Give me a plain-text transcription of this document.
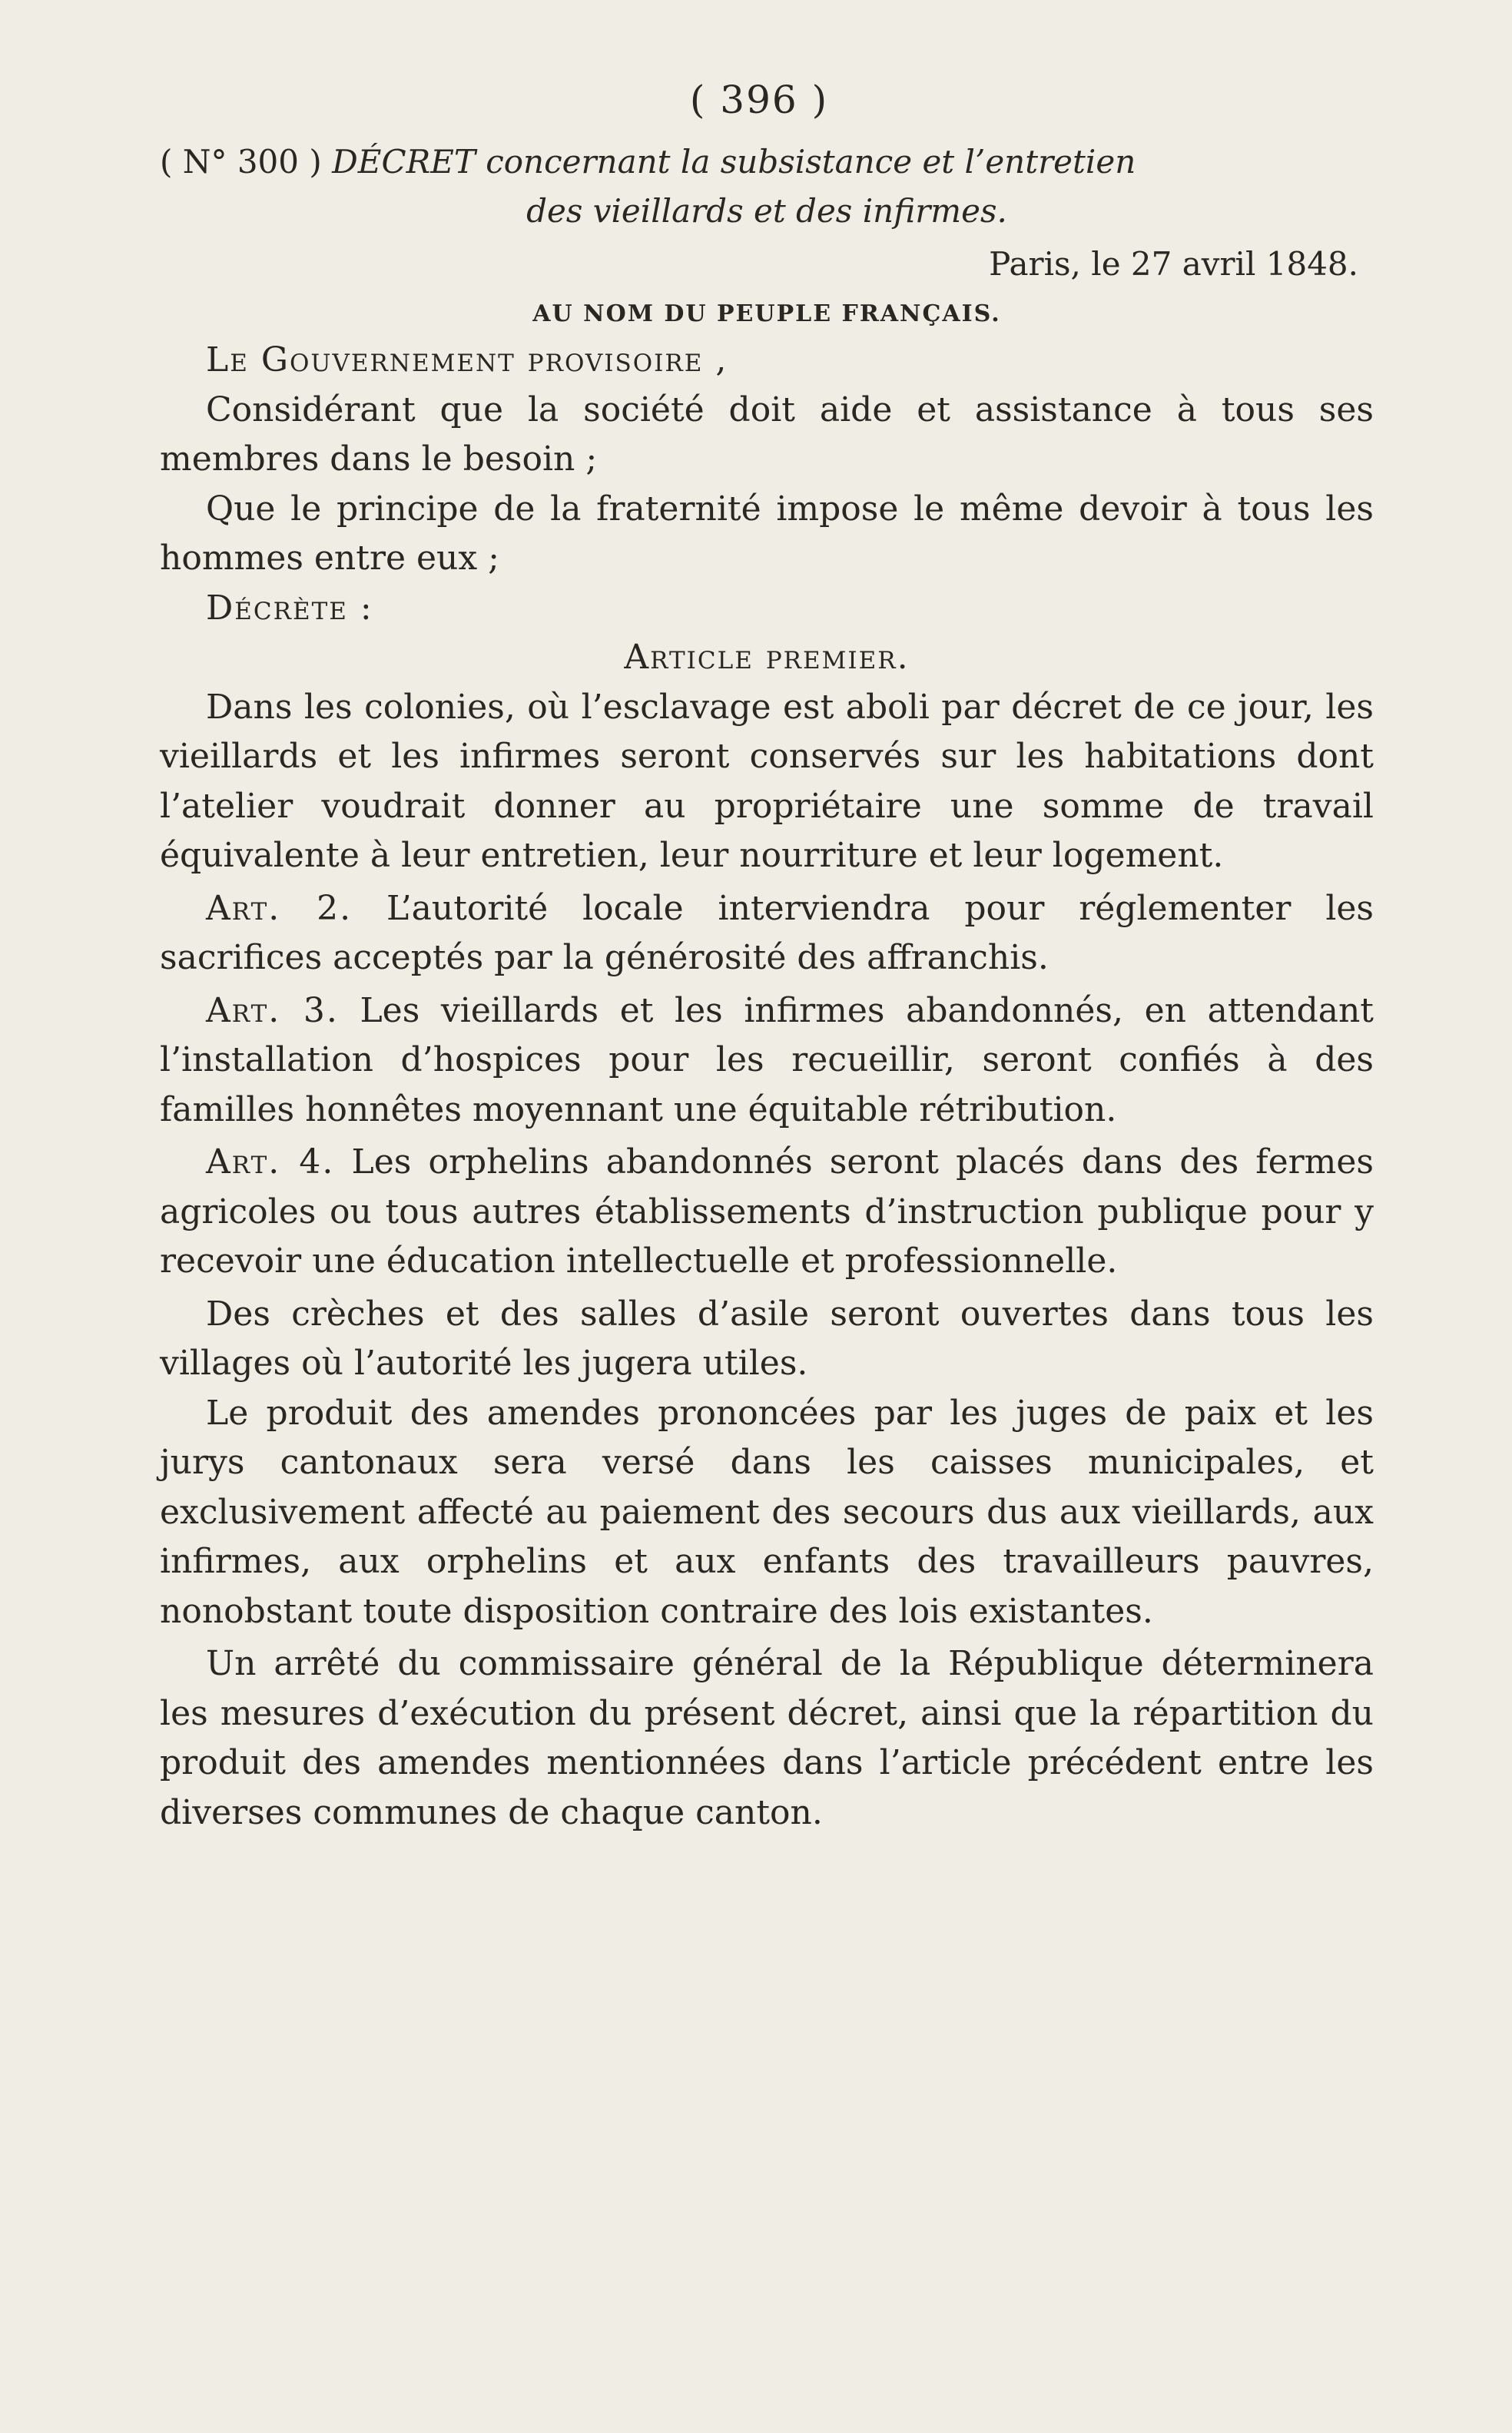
( 396 )
( N° 300 ) DÉCRET concernant la subsistance et l’entretien
des vieillards et des infirmes.
Paris, le 27 avril 1848.
AU NOM DU PEUPLE FRANÇAIS.

Le Gouvernement provisoire ,

Considérant que la société doit aide et assistance à tous ses membres dans le besoin ;

Que le principe de la fraternité impose le même devoir à tous les hommes entre eux ;

Décrète :

Article premier.

Dans les colonies, où l’esclavage est aboli par décret de ce jour, les vieillards et les infirmes seront conservés sur les habitations dont l’atelier voudrait donner au propriétaire une somme de travail équivalente à leur entretien, leur nourriture et leur logement.

Art. 2. L’autorité locale interviendra pour réglementer les sacrifices acceptés par la générosité des affranchis.

Art. 3. Les vieillards et les infirmes abandonnés, en attendant l’installation d’hospices pour les recueillir, seront confiés à des familles honnêtes moyennant une équitable rétribution.

Art. 4. Les orphelins abandonnés seront placés dans des fermes agricoles ou tous autres établissements d’instruction publique pour y recevoir une éducation intellectuelle et professionnelle.

Des crèches et des salles d’asile seront ouvertes dans tous les villages où l’autorité les jugera utiles.

Le produit des amendes prononcées par les juges de paix et les jurys cantonaux sera versé dans les caisses municipales, et exclusivement affecté au paiement des secours dus aux vieillards, aux infirmes, aux orphelins et aux enfants des travailleurs pauvres, nonobstant toute disposition contraire des lois existantes.

Un arrêté du commissaire général de la République déterminera les mesures d’exécution du présent décret, ainsi que la répartition du produit des amendes mentionnées dans l’article précédent entre les diverses communes de chaque canton.
